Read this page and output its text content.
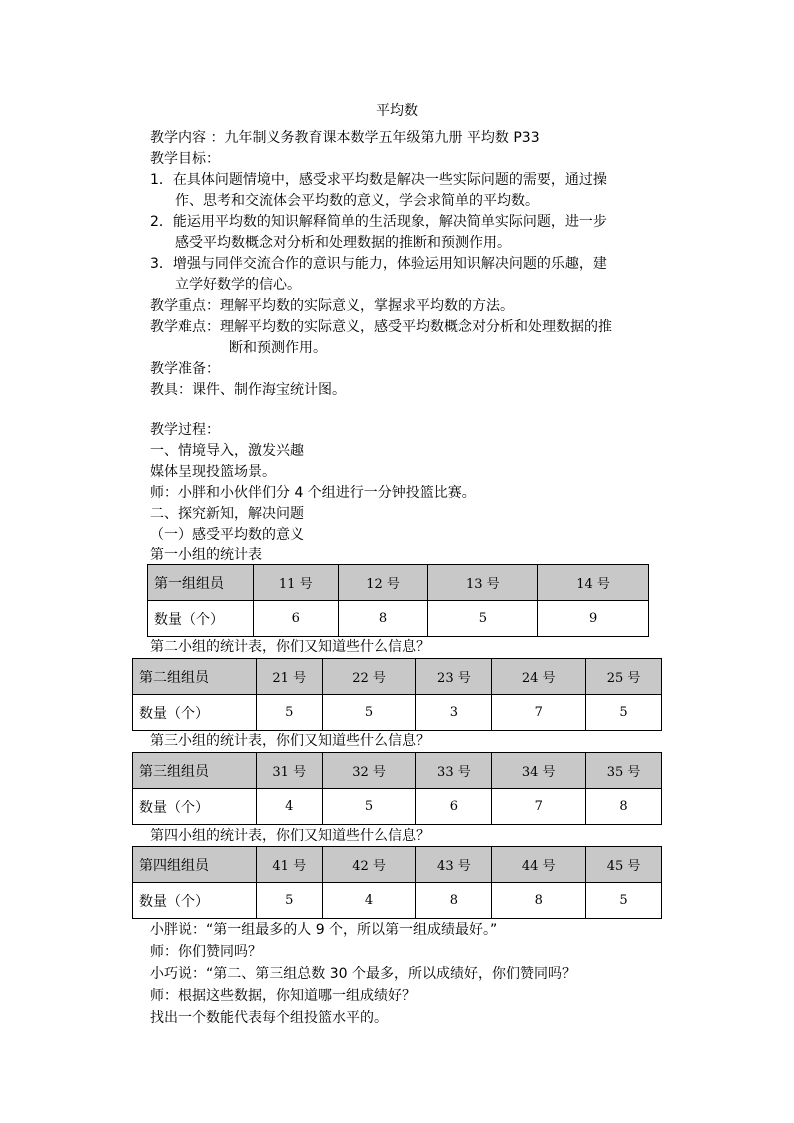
平均数
教学内容 ：九年制义务教育课本数学五年级第九册 平均数 P33
教学目标：
1．在具体问题情境中，感受求平均数是解决一些实际问题的需要，通过操
作、思考和交流体会平均数的意义，学会求简单的平均数。
2．能运用平均数的知识解释简单的生活现象，解决简单实际问题，进一步
感受平均数概念对分析和处理数据的推断和预测作用。
3．增强与同伴交流合作的意识与能力，体验运用知识解决问题的乐趣，建
立学好数学的信心。
教学重点：理解平均数的实际意义，掌握求平均数的方法。
教学难点：理解平均数的实际意义，感受平均数概念对分析和处理数据的推
断和预测作用。
教学准备：
教具：课件、制作海宝统计图。
教学过程：
一、情境导入，激发兴趣
媒体呈现投篮场景。
师：小胖和小伙伴们分 4 个组进行一分钟投篮比赛。
二、探究新知，解决问题
（一）感受平均数的意义
第一小组的统计表
第一组组员	11 号	12 号	13 号	14 号
数量（个）	6	8	5	9
第二小组的统计表，你们又知道些什么信息？
第二组组员	21 号	22 号	23 号	24 号	25 号
数量（个）	5	5	3	7	5
第三小组的统计表，你们又知道些什么信息？
第三组组员	31 号	32 号	33 号	34 号	35 号
数量（个）	4	5	6	7	8
第四小组的统计表，你们又知道些什么信息？
第四组组员	41 号	42 号	43 号	44 号	45 号
数量（个）	5	4	8	8	5
小胖说：“第一组最多的人 9 个，所以第一组成绩最好。”
师：你们赞同吗？
小巧说：“第二、第三组总数 30 个最多，所以成绩好，你们赞同吗？
师：根据这些数据，你知道哪一组成绩好？
找出一个数能代表每个组投篮水平的。
